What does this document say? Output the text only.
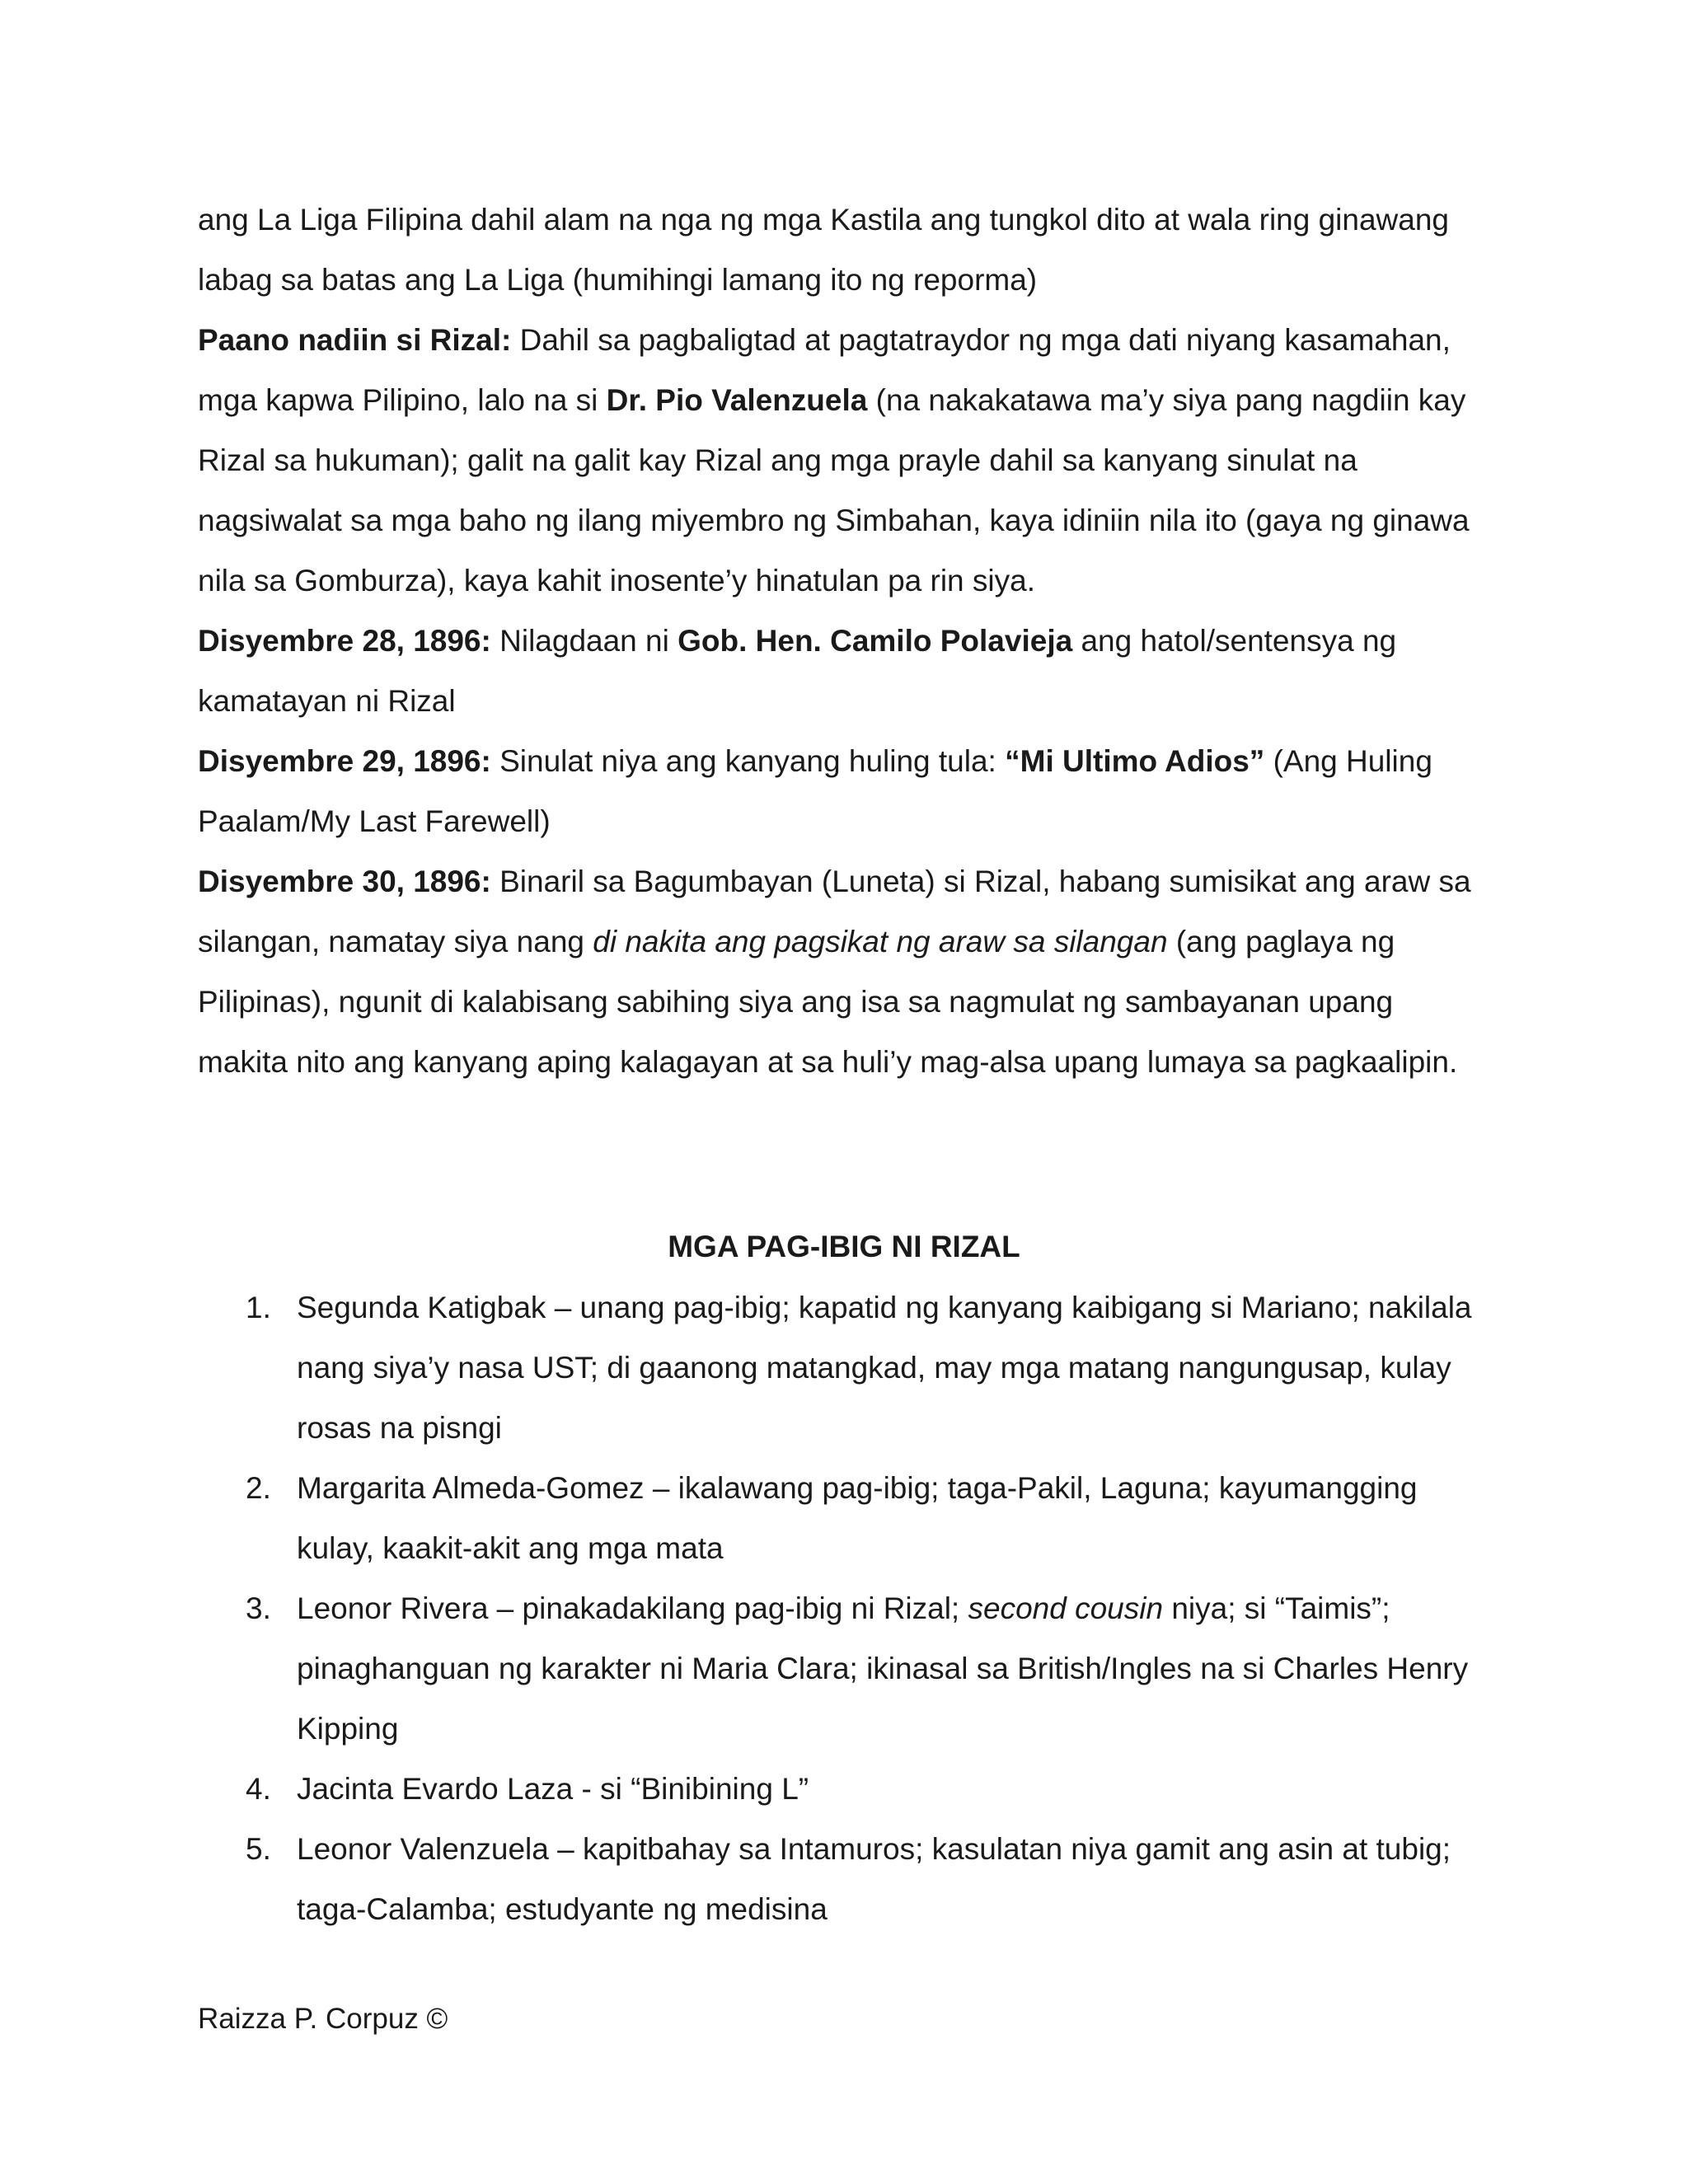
ang La Liga Filipina dahil alam na nga ng mga Kastila ang tungkol dito at wala ring ginawang labag sa batas ang La Liga (humihingi lamang ito ng reporma)

Paano nadiin si Rizal: Dahil sa pagbaligtad at pagtatraydor ng mga dati niyang kasamahan, mga kapwa Pilipino, lalo na si Dr. Pio Valenzuela (na nakakatawa ma’y siya pang nagdiin kay Rizal sa hukuman); galit na galit kay Rizal ang mga prayle dahil sa kanyang sinulat na nagsiwalat sa mga baho ng ilang miyembro ng Simbahan, kaya idiniin nila ito (gaya ng ginawa nila sa Gomburza), kaya kahit inosente’y hinatulan pa rin siya.

Disyembre 28, 1896: Nilagdaan ni Gob. Hen. Camilo Polavieja ang hatol/sentensya ng kamatayan ni Rizal

Disyembre 29, 1896: Sinulat niya ang kanyang huling tula: “Mi Ultimo Adios” (Ang Huling Paalam/My Last Farewell)

Disyembre 30, 1896: Binaril sa Bagumbayan (Luneta) si Rizal, habang sumisikat ang araw sa silangan, namatay siya nang di nakita ang pagsikat ng araw sa silangan (ang paglaya ng Pilipinas), ngunit di kalabisang sabihing siya ang isa sa nagmulat ng sambayanan upang makita nito ang kanyang aping kalagayan at sa huli’y mag-alsa upang lumaya sa pagkaalipin.

MGA PAG-IBIG NI RIZAL
1. Segunda Katigbak – unang pag-ibig; kapatid ng kanyang kaibigang si Mariano; nakilala nang siya’y nasa UST; di gaanong matangkad, may mga matang nangungusap, kulay rosas na pisngi
2. Margarita Almeda-Gomez – ikalawang pag-ibig; taga-Pakil, Laguna; kayumangging kulay, kaakit-akit ang mga mata
3. Leonor Rivera – pinakadakilang pag-ibig ni Rizal; second cousin niya; si “Taimis”; pinaghanguan ng karakter ni Maria Clara; ikinasal sa British/Ingles na si Charles Henry Kipping
4. Jacinta Evardo Laza - si “Binibining L”
5. Leonor Valenzuela – kapitbahay sa Intamuros; kasulatan niya gamit ang asin at tubig; taga-Calamba; estudyante ng medisina
Raizza P. Corpuz ©
